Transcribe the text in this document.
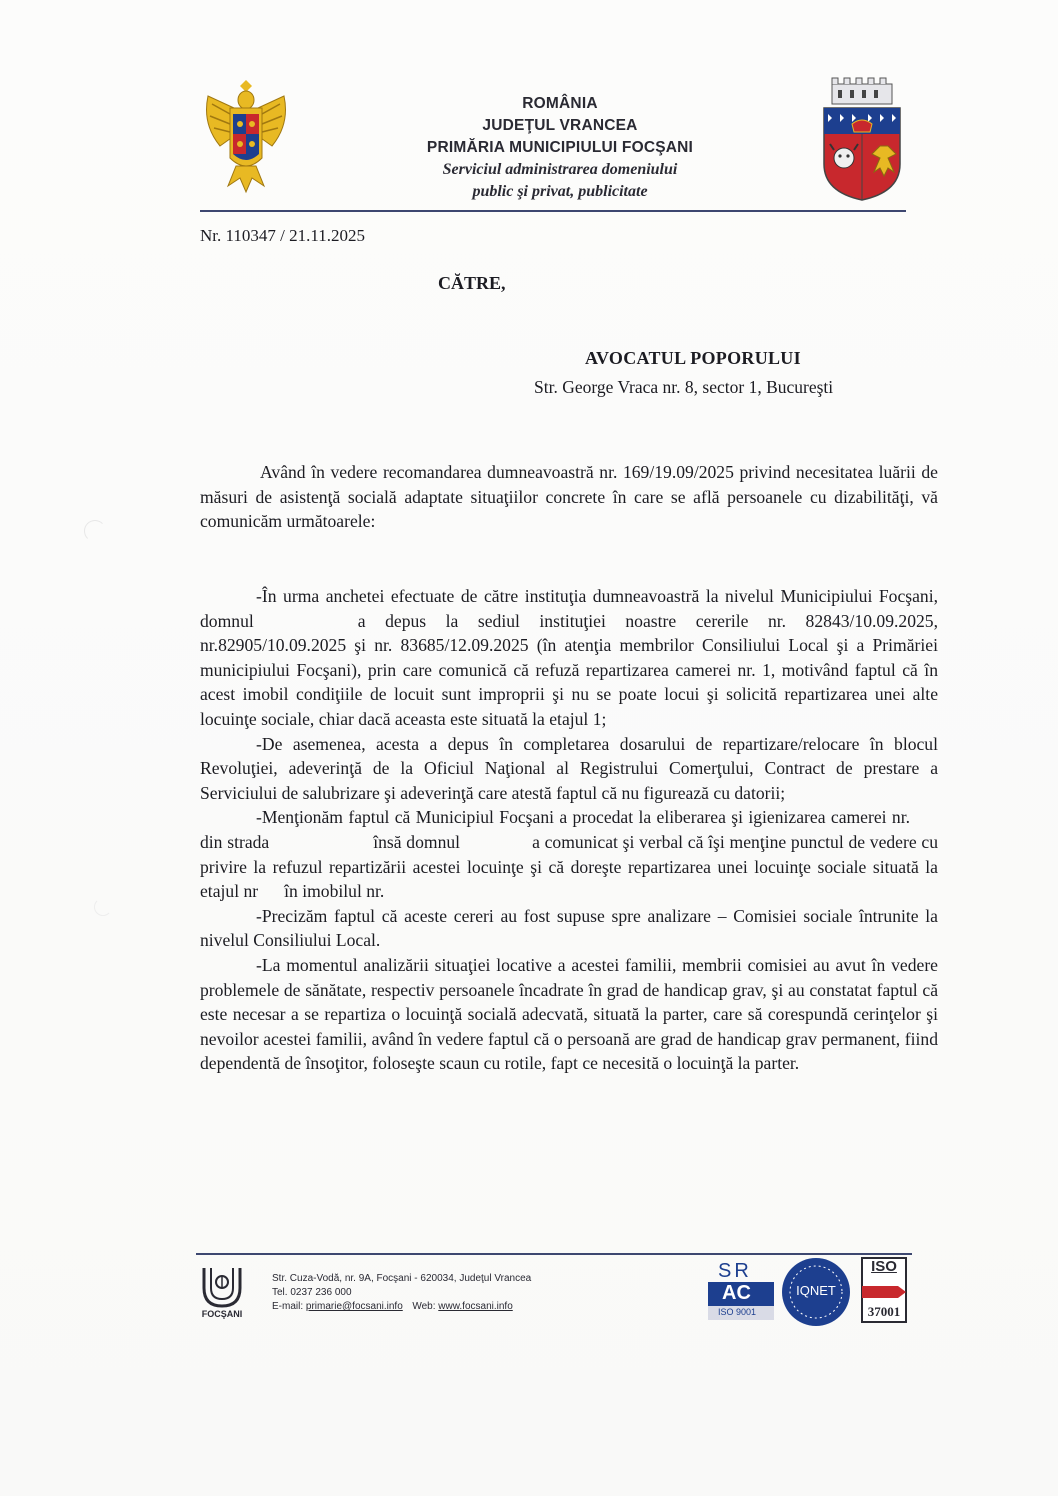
ROMÂNIA
JUDEŢUL VRANCEA
PRIMĂRIA MUNICIPIULUI FOCŞANI
Serviciul administrarea domeniului
public şi privat, publicitate
Nr. 110347 / 21.11.2025
CĂTRE,
AVOCATUL POPORULUI
Str. George Vraca nr. 8, sector 1, Bucureşti

Având în vedere recomandarea dumneavoastră nr. 169/19.09/2025 privind necesitatea luării de măsuri de asistenţă socială adaptate situaţiilor concrete în care se află persoanele cu dizabilităţi, vă comunicăm următoarele:

-În urma anchetei efectuate de către instituţia dumneavoastră la nivelul Municipiului Focşani, domnul	a depus la sediul instituţiei noastre cererile nr. 82843/10.09.2025, nr.82905/10.09.2025 şi nr. 83685/12.09.2025 (în atenţia membrilor Consiliului Local şi a Primăriei municipiului Focşani), prin care comunică că refuză repartizarea camerei nr. 1, motivând faptul că în acest imobil condiţiile de locuit sunt improprii şi nu se poate locui şi solicită repartizarea unei alte locuinţe sociale, chiar dacă aceasta este situată la etajul 1;

-De asemenea, acesta a depus în completarea dosarului de repartizare/relocare în blocul Revoluţiei, adeverinţă de la Oficiul Naţional al Registrului Comerţului, Contract de prestare a Serviciului de salubrizare şi adeverinţă care atestă faptul că nu figurează cu datorii;

-Menţionăm faptul că Municipiul Focşani a procedat la eliberarea şi igienizarea camerei nr.din strada	însă domnul	a comunicat şi verbal că îşi menţine punctul de vedere cu privire la refuzul repartizării acestei locuinţe şi că doreşte repartizarea unei locuinţe sociale situată la etajul nr în imobilul nr.

-Precizăm faptul că aceste cereri au fost supuse spre analizare – Comisiei sociale întrunite la nivelul Consiliului Local.

-La momentul analizării situaţiei locative a acestei familii, membrii comisiei au avut în vedere problemele de sănătate, respectiv persoanele încadrate în grad de handicap grav, şi au constatat faptul că este necesar a se repartiza o locuinţă socială adecvată, situată la parter, care să corespundă cerinţelor şi nevoilor acestei familii, având în vedere faptul că o persoană are grad de handicap grav permanent, fiind dependentă de însoţitor, foloseşte scaun cu rotile, fapt ce necesită o locuinţă la parter.

FOCŞANI
Str. Cuza-Vodă, nr. 9A, Focşani - 620034, Judeţul Vrancea
Tel. 0237 236 000
E-mail: primarie@focsani.info Web: www.focsani.info
SR
AC
ISO 9001
IQNET
ISO
37001
